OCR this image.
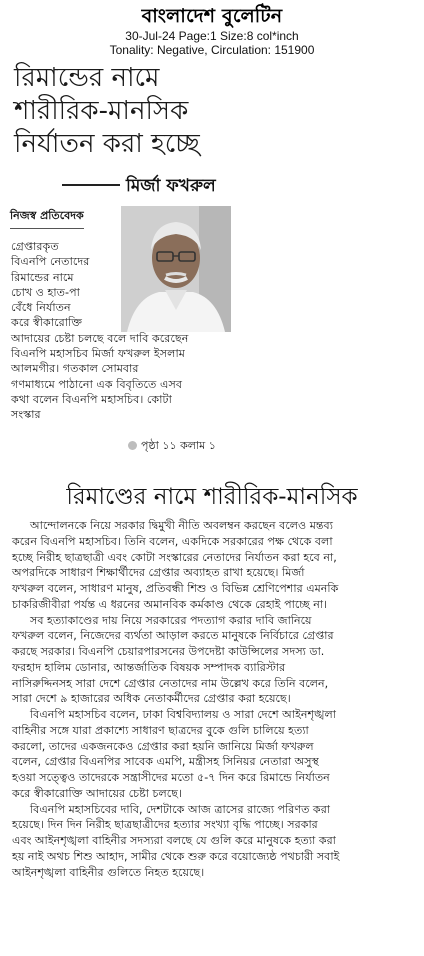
বাংলাদেশ বুলেটিন
30-Jul-24 Page:1 Size:8 col*inch
Tonality: Negative, Circulation: 151900
রিমান্ডের নামে
শারীরিক-মানসিক
নির্যাতন করা হচ্ছে
মির্জা ফখরুল
নিজস্ব প্রতিবেদক
গ্রেপ্তারকৃত
বিএনপি নেতাদের
রিমান্ডের নামে
চোখ ও হাত-পা
বেঁধে নির্যাতন
করে স্বীকারোক্তি
আদায়ের চেষ্টা চলছে বলে দাবি করেছেন
বিএনপি মহাসচিব মির্জা ফখরুল ইসলাম
আলমগীর। গতকাল সোমবার
গণমাধ্যমে পাঠানো এক বিবৃতিতে এসব
কথা বলেন বিএনপি মহাসচিব। কোটা
সংস্কার
পৃষ্ঠা ১১ কলাম ১
রিমাণ্ডের নামে শারীরিক-মানসিক
আন্দোলনকে নিয়ে সরকার দ্বিমুখী নীতি অবলম্বন করছেন বলেও মন্তব্য
করেন বিএনপি মহাসচিব। তিনি বলেন, একদিকে সরকারের পক্ষ থেকে বলা
হচ্ছে নিরীহ ছাত্রছাত্রী এবং কোটা সংস্কারের নেতাদের নির্যাতন করা হবে না,
অপরদিকে সাধারণ শিক্ষার্থীদের গ্রেপ্তার অব্যাহত রাখা হয়েছে। মির্জা
ফখরুল বলেন, সাধারণ মানুষ, প্রতিবন্ধী শিশু ও বিভিন্ন শ্রেণিপেশার এমনকি
চাকরিজীবীরা পর্যন্ত এ ধরনের অমানবিক কর্মকাণ্ড থেকে রেহাই পাচ্ছে না।
সব হত্যাকাণ্ডের দায় নিয়ে সরকারের পদত্যাগ করার দাবি জানিয়ে
ফখরুল বলেন, নিজেদের ব্যর্থতা আড়াল করতে মানুষকে নির্বিচারে গ্রেপ্তার
করছে সরকার। বিএনপি চেয়ারপারসনের উপদেষ্টা কাউন্সিলের সদস্য ডা.
ফরহাদ হালিম ডোনার, আন্তর্জাতিক বিষয়ক সম্পাদক ব্যারিস্টার
নাসিরুদ্দিনসহ সারা দেশে গ্রেপ্তার নেতাদের নাম উল্লেখ করে তিনি বলেন,
সারা দেশে ৯ হাজারের অধিক নেতাকর্মীদের গ্রেপ্তার করা হয়েছে।
বিএনপি মহাসচিব বলেন, ঢাকা বিশ্ববিদ্যালয় ও সারা দেশে আইনশৃঙ্খলা
বাহিনীর সঙ্গে যারা প্রকাশ্যে সাধারণ ছাত্রদের বুকে গুলি চালিয়ে হত্যা
করলো, তাদের একজনকেও গ্রেপ্তার করা হয়নি জানিয়ে মির্জা ফখরুল
বলেন, গ্রেপ্তার বিএনপির সাবেক এমপি, মন্ত্রীসহ সিনিয়র নেতারা অসুস্থ
হওয়া সত্ত্বেও তাদেরকে সন্ত্রাসীদের মতো ৫-৭ দিন করে রিমান্ডে নির্যাতন
করে স্বীকারোক্তি আদায়ের চেষ্টা চলছে।
বিএনপি মহাসচিবের দাবি, দেশটাকে আজ ত্রাসের রাজ্যে পরিণত করা
হয়েছে। দিন দিন নিরীহ ছাত্রছাত্রীদের হত্যার সংখ্যা বৃদ্ধি পাচ্ছে। সরকার
এবং আইনশৃঙ্খলা বাহিনীর সদস্যরা বলছে যে গুলি করে মানুষকে হত্যা করা
হয় নাই অথচ শিশু আহাদ, সামীর থেকে শুরু করে বয়োজ্যেষ্ঠ পথচারী সবাই
আইনশৃঙ্খলা বাহিনীর গুলিতে নিহত হয়েছে।
